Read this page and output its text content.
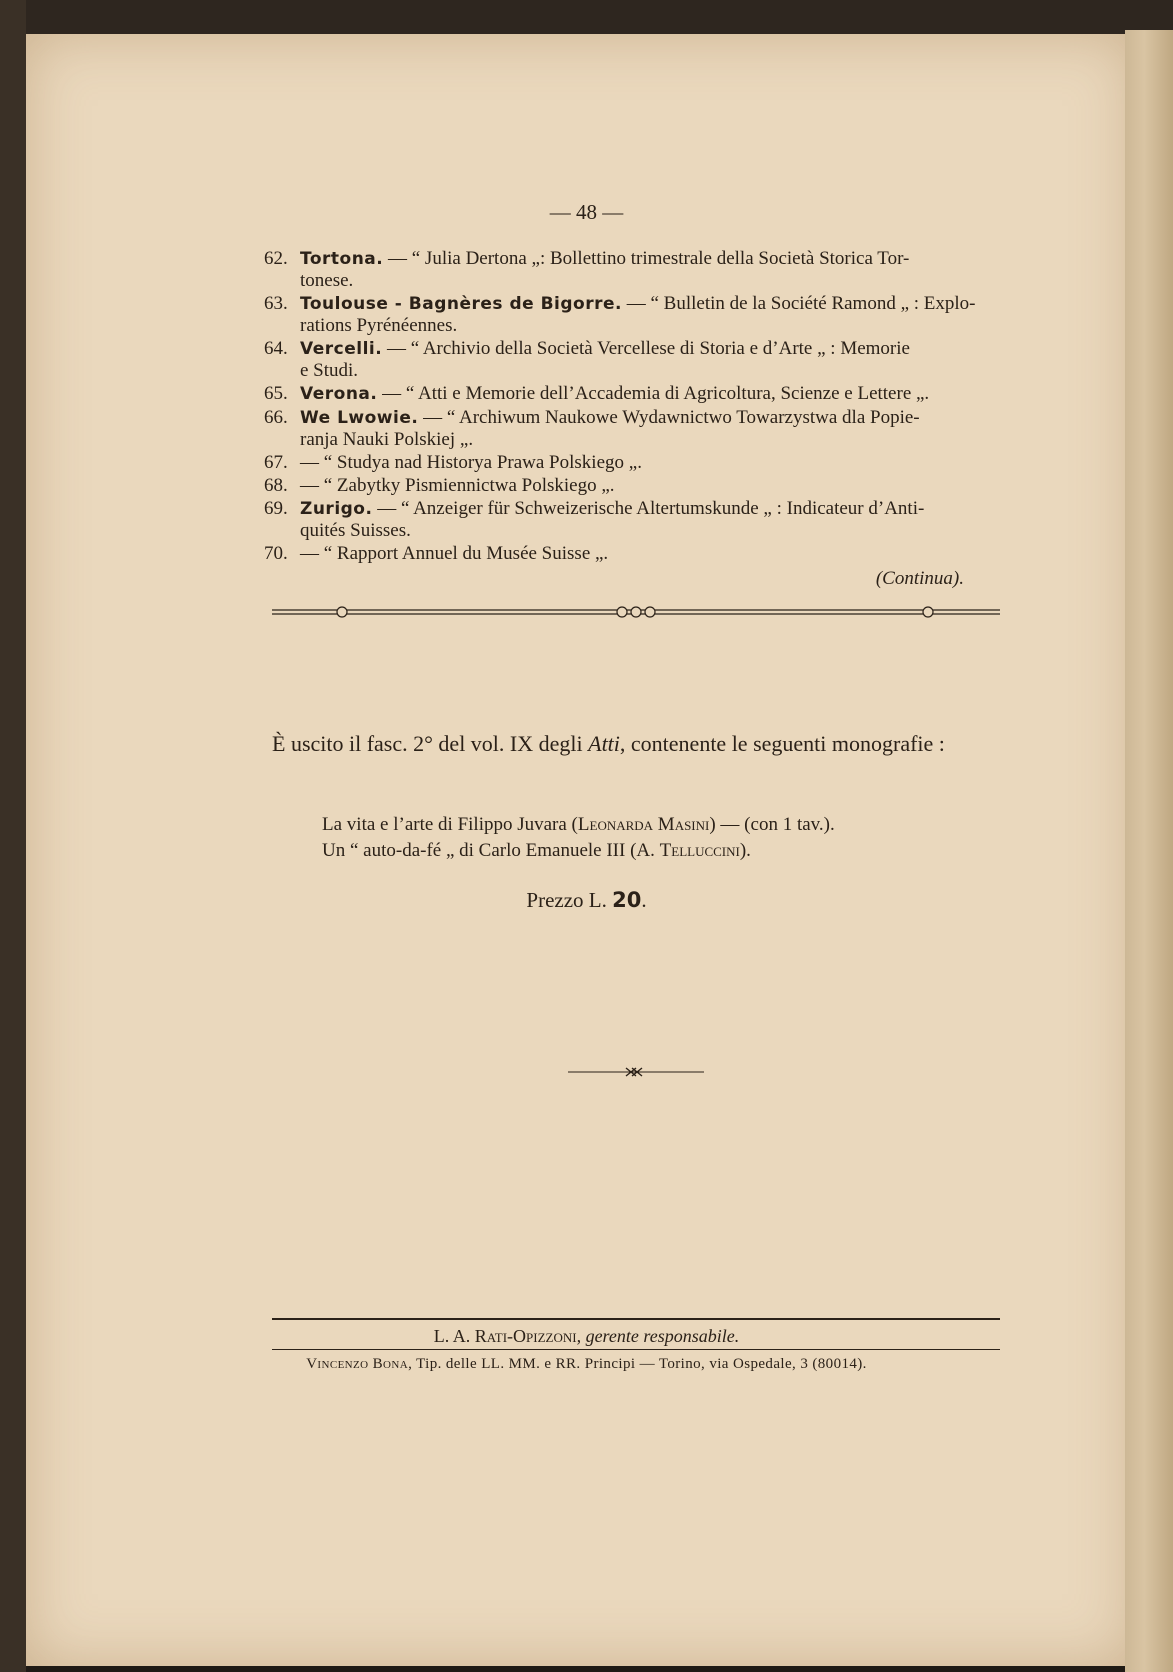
— 48 —
62. Tortona. — “ Julia Dertona „: Bollettino trimestrale della Società Storica Tor-
tonese.
63. Toulouse - Bagnères de Bigorre. — “ Bulletin de la Société Ramond „ : Explo-
rations Pyrénéennes.
64. Vercelli. — “ Archivio della Società Vercellese di Storia e d’Arte „ : Memorie
e Studi.
65. Verona. — “ Atti e Memorie dell’Accademia di Agricoltura, Scienze e Lettere „.
66. We Lwowie. — “ Archiwum Naukowe Wydawnictwo Towarzystwa dla Popie-
ranja Nauki Polskiej „.
67. — “ Studya nad Historya Prawa Polskiego „.
68. — “ Zabytky Pismiennictwa Polskiego „.
69. Zurigo. — “ Anzeiger für Schweizerische Altertumskunde „ : Indicateur d’Anti-
quités Suisses.
70. — “ Rapport Annuel du Musée Suisse „.
(Continua).

È uscito il fasc. 2° del vol. IX degli Atti, contenente le seguenti monografie :

La vita e l’arte di Filippo Juvara (Leonarda Masini) — (con 1 tav.).
Un “ auto-da-fé „ di Carlo Emanuele III (A. Telluccini).
Prezzo L. 20.
L. A. Rati-Opizzoni, gerente responsabile.
Vincenzo Bona, Tip. delle LL. MM. e RR. Principi — Torino, via Ospedale, 3 (80014).
